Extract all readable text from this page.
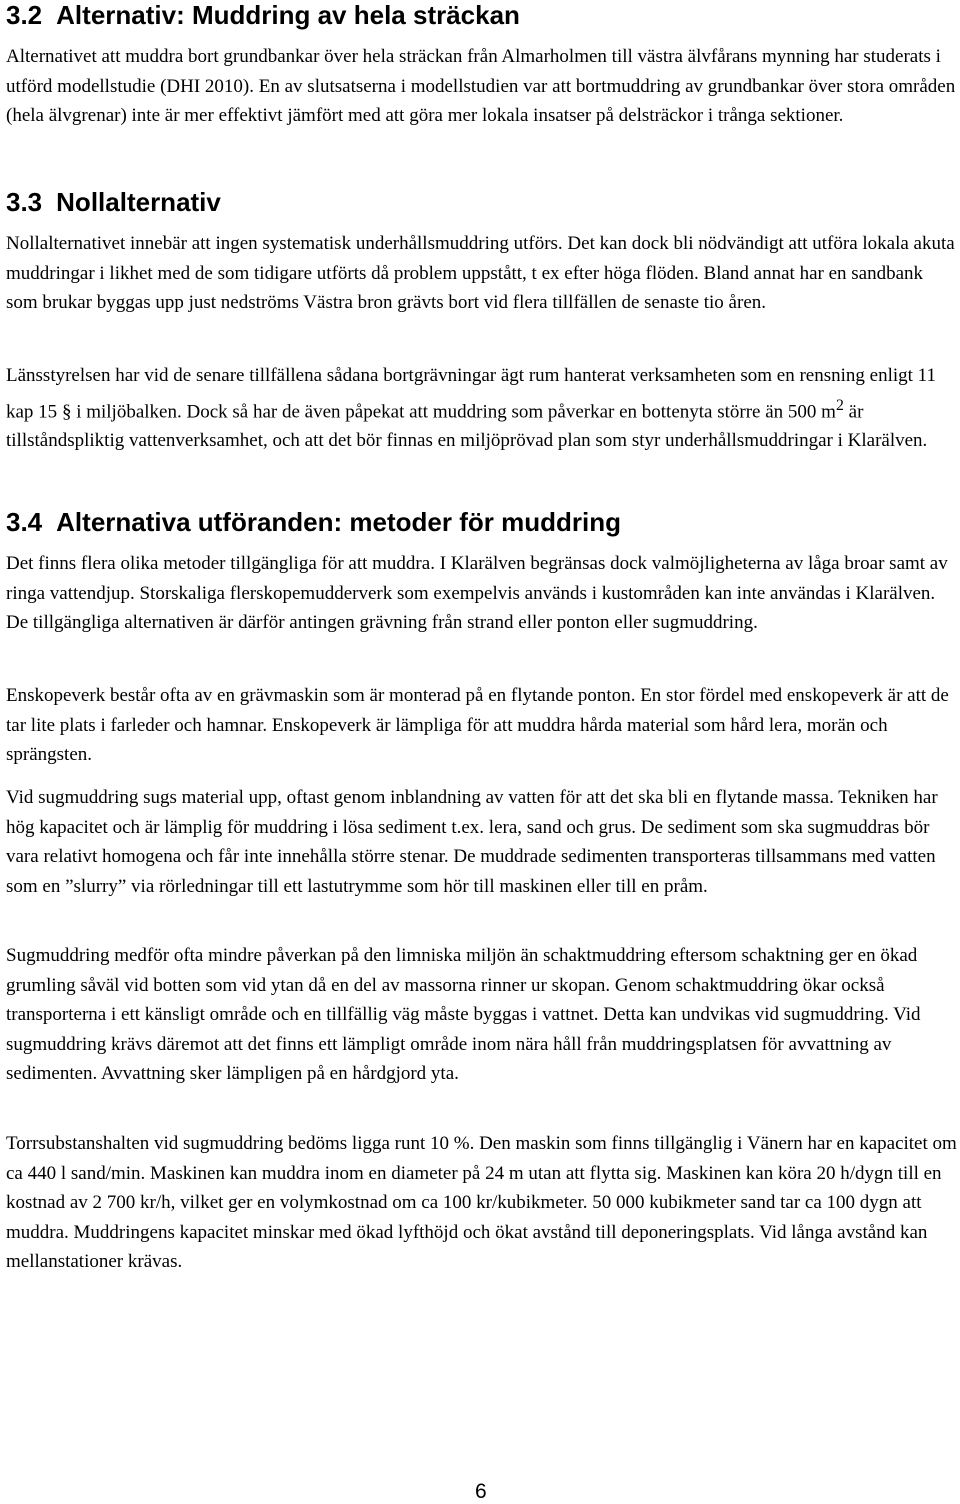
3.2 Alternativ: Muddring av hela sträckan

Alternativet att muddra bort grundbankar över hela sträckan från Almarholmen till västra älvfårans mynning har studerats i utförd modellstudie (DHI 2010). En av slutsatserna i modellstudien var att bortmuddring av grundbankar över stora områden (hela älvgrenar) inte är mer effektivt jämfört med att göra mer lokala insatser på delsträckor i trånga sektioner.

3.3 Nollalternativ

Nollalternativet innebär att ingen systematisk underhållsmuddring utförs. Det kan dock bli nödvändigt att utföra lokala akuta muddringar i likhet med de som tidigare utförts då problem uppstått, t ex efter höga flöden. Bland annat har en sandbank som brukar byggas upp just nedströms Västra bron grävts bort vid flera tillfällen de senaste tio åren.

Länsstyrelsen har vid de senare tillfällena sådana bortgrävningar ägt rum hanterat verksamheten som en rensning enligt 11 kap 15 § i miljöbalken. Dock så har de även påpekat att muddring som påverkar en bottenyta större än 500 $m^2$ är tillståndspliktig vattenverksamhet, och att det bör finnas en miljöprövad plan som styr underhållsmuddringar i Klarälven.

3.4 Alternativa utföranden: metoder för muddring

Det finns flera olika metoder tillgängliga för att muddra. I Klarälven begränsas dock valmöjligheterna av låga broar samt av ringa vattendjup. Storskaliga flerskopemudderverk som exempelvis används i kustområden kan inte användas i Klarälven. De tillgängliga alternativen är därför antingen grävning från strand eller ponton eller sugmuddring.

Enskopeverk består ofta av en grävmaskin som är monterad på en flytande ponton. En stor fördel med enskopeverk är att de tar lite plats i farleder och hamnar. Enskopeverk är lämpliga för att muddra hårda material som hård lera, morän och sprängsten.

Vid sugmuddring sugs material upp, oftast genom inblandning av vatten för att det ska bli en flytande massa. Tekniken har hög kapacitet och är lämplig för muddring i lösa sediment t.ex. lera, sand och grus. De sediment som ska sugmuddras bör vara relativt homogena och får inte innehålla större stenar. De muddrade sedimenten transporteras tillsammans med vatten som en ”slurry” via rörledningar till ett lastutrymme som hör till maskinen eller till en pråm.

Sugmuddring medför ofta mindre påverkan på den limniska miljön än schaktmuddring eftersom schaktning ger en ökad grumling såväl vid botten som vid ytan då en del av massorna rinner ur skopan. Genom schaktmuddring ökar också transporterna i ett känsligt område och en tillfällig väg måste byggas i vattnet. Detta kan undvikas vid sugmuddring. Vid sugmuddring krävs däremot att det finns ett lämpligt område inom nära håll från muddringsplatsen för avvattning av sedimenten. Avvattning sker lämpligen på en hårdgjord yta.

Torrsubstanshalten vid sugmuddring bedöms ligga runt 10 %. Den maskin som finns tillgänglig i Vänern har en kapacitet om ca 440 l sand/min. Maskinen kan muddra inom en diameter på 24 m utan att flytta sig. Maskinen kan köra 20 h/dygn till en kostnad av 2 700 kr/h, vilket ger en volymkostnad om ca 100 kr/kubikmeter. 50 000 kubikmeter sand tar ca 100 dygn att muddra. Muddringens kapacitet minskar med ökad lyfthöjd och ökat avstånd till deponeringsplats. Vid långa avstånd kan mellanstationer krävas.

6
